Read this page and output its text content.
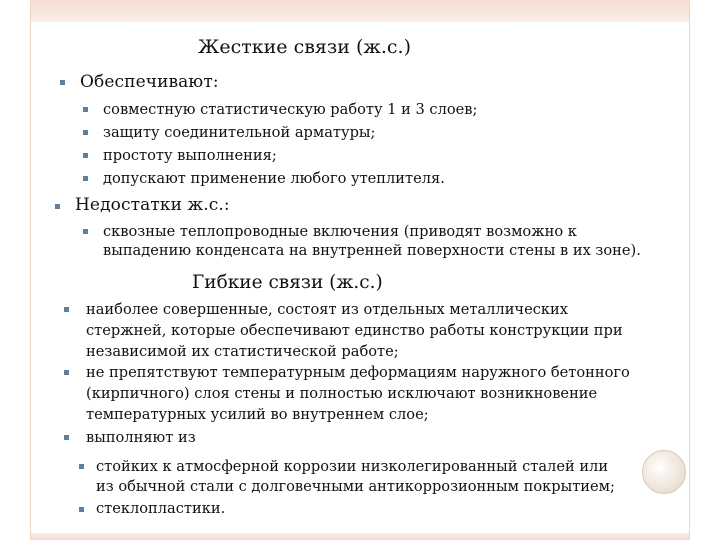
Жесткие связи (ж.с.)
Обеспечивают:
совместную статистическую работу 1 и 3 слоев;
защиту соединительной арматуры;
простоту выполнения;
допускают применение любого утеплителя.
Недостатки ж.с.:
сквозные теплопроводные включения (приводят возможно к
выпадению конденсата на внутренней поверхности стены в их зоне).
Гибкие связи (ж.с.)
наиболее совершенные, состоят из отдельных металлических
стержней, которые обеспечивают единство работы конструкции при
независимой их статистической работе;
не препятствуют температурным деформациям наружного бетонного
(кирпичного) слоя стены и полностью исключают возникновение
температурных усилий во внутреннем слое;
выполняют из
стойких к атмосферной коррозии низколегированный сталей или
из обычной стали с долговечными антикоррозионным покрытием;
стеклопластики.
